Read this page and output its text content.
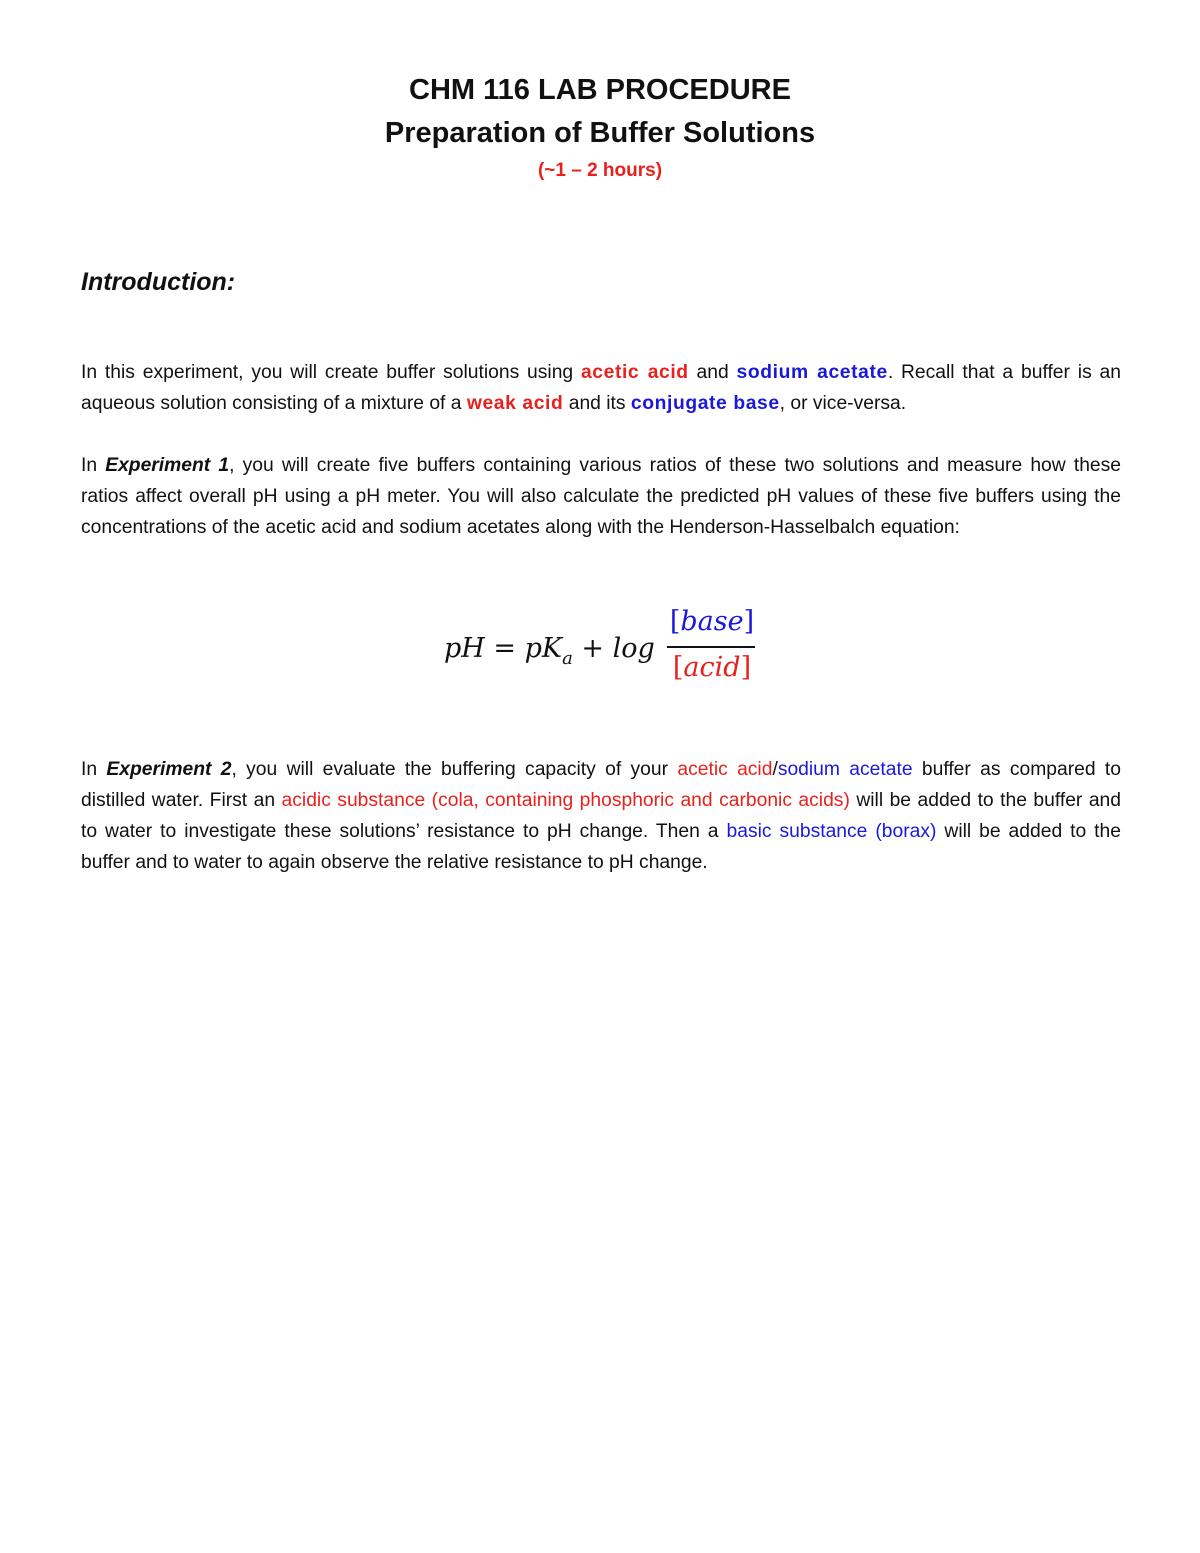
CHM 116 LAB PROCEDURE
Preparation of Buffer Solutions
(~1 – 2 hours)
Introduction:
In this experiment, you will create buffer solutions using acetic acid and sodium acetate. Recall that a buffer is an aqueous solution consisting of a mixture of a weak acid and its conjugate base, or vice-versa.
In Experiment 1, you will create five buffers containing various ratios of these two solutions and measure how these ratios affect overall pH using a pH meter. You will also calculate the predicted pH values of these five buffers using the concentrations of the acetic acid and sodium acetates along with the Henderson-Hasselbalch equation:
pH = $pK_a + \log$
[base]
[acid]
In Experiment 2, you will evaluate the buffering capacity of your acetic acid/sodium acetate buffer as compared to distilled water. First an acidic substance (cola, containing phosphoric and carbonic acids) will be added to the buffer and to water to investigate these solutions’ resistance to pH change. Then a basic substance (borax) will be added to the buffer and to water to again observe the relative resistance to pH change.
